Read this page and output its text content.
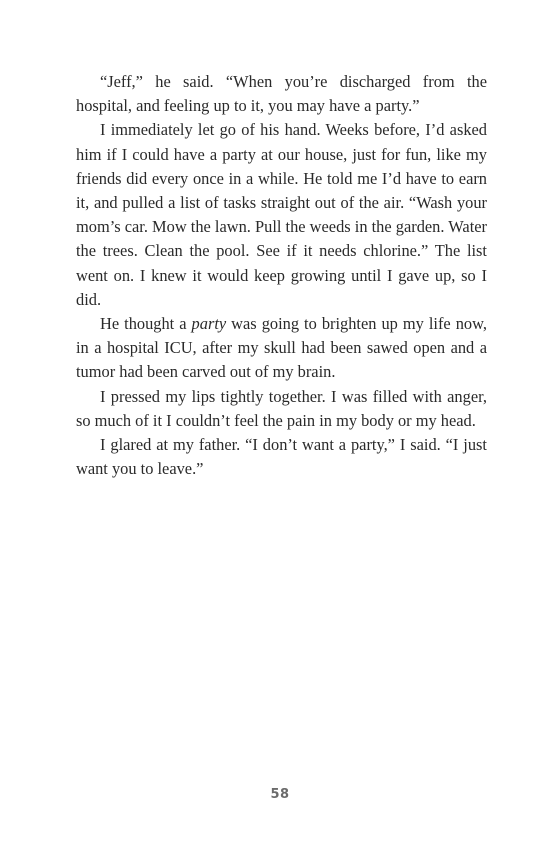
“Jeff,” he said. “When you’re discharged from the hospital, and feeling up to it, you may have a party.”

I immediately let go of his hand. Weeks before, I’d asked him if I could have a party at our house, just for fun, like my friends did every once in a while. He told me I’d have to earn it, and pulled a list of tasks straight out of the air. “Wash your mom’s car. Mow the lawn. Pull the weeds in the garden. Water the trees. Clean the pool. See if it needs chlorine.” The list went on. I knew it would keep growing until I gave up, so I did.

He thought a party was going to brighten up my life now, in a hospital ICU, after my skull had been sawed open and a tumor had been carved out of my brain.

I pressed my lips tightly together. I was filled with anger, so much of it I couldn’t feel the pain in my body or my head.

I glared at my father. “I don’t want a party,” I said. “I just want you to leave.”

58
